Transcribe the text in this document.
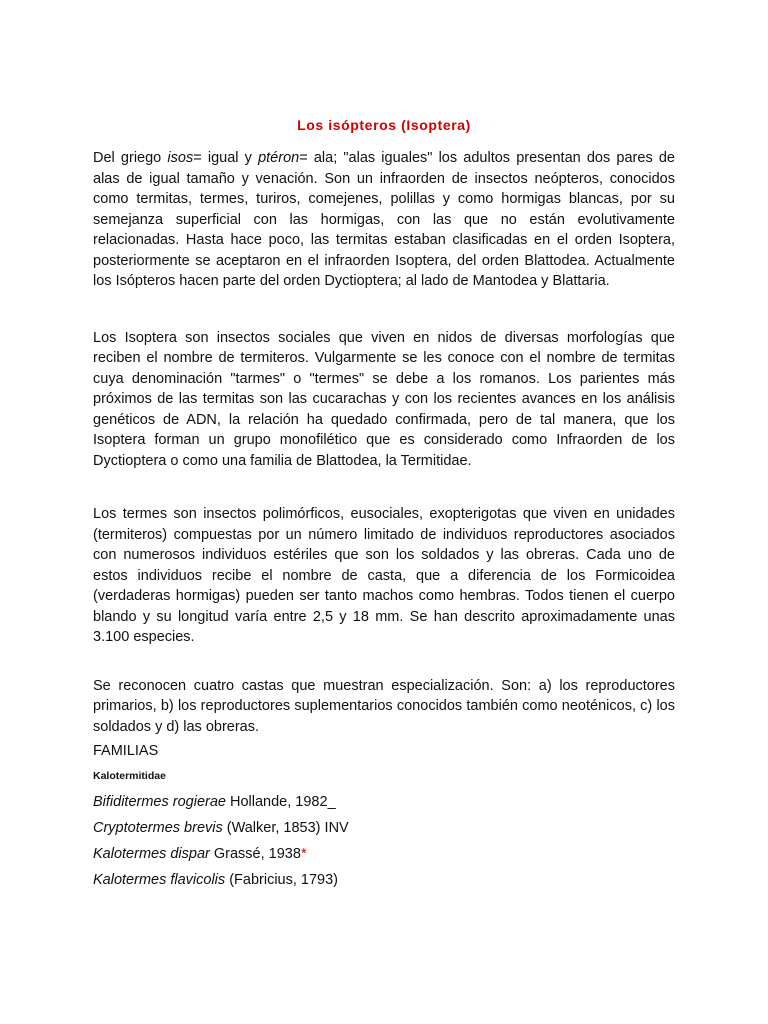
Los isópteros (Isoptera)

Del griego isos= igual y ptéron= ala; "alas iguales" los adultos presentan dos pares de alas de igual tamaño y venación. Son un infraorden de insectos neópteros, conocidos como termitas, termes, turiros, comejenes, polillas y como hormigas blancas, por su semejanza superficial con las hormigas, con las que no están evolutivamente relacionadas. Hasta hace poco, las termitas estaban clasificadas en el orden Isoptera, posteriormente se aceptaron en el infraorden Isoptera, del orden Blattodea. Actualmente los Isópteros hacen parte del orden Dyctioptera; al lado de Mantodea y Blattaria.

Los Isoptera son insectos sociales que viven en nidos de diversas morfologías que reciben el nombre de termiteros. Vulgarmente se les conoce con el nombre de termitas cuya denominación "tarmes" o "termes" se debe a los romanos. Los parientes más próximos de las termitas son las cucarachas y con los recientes avances en los análisis genéticos de ADN, la relación ha quedado confirmada, pero de tal manera, que los Isoptera forman un grupo monofilético que es considerado como Infraorden de los Dyctioptera o como una familia de Blattodea, la Termitidae.

Los termes son insectos polimórficos, eusociales, exopterigotas que viven en unidades (termiteros) compuestas por un número limitado de individuos reproductores asociados con numerosos individuos estériles que son los soldados y las obreras. Cada uno de estos individuos recibe el nombre de casta, que a diferencia de los Formicoidea (verdaderas hormigas) pueden ser tanto machos como hembras. Todos tienen el cuerpo blando y su longitud varía entre 2,5 y 18 mm. Se han descrito aproximadamente unas 3.100 especies.

Se reconocen cuatro castas que muestran especialización. Son: a) los reproductores primarios, b) los reproductores suplementarios conocidos también como neoténicos, c) los soldados y d) las obreras.

FAMILIAS
Kalotermitidae
Bifiditermes rogierae Hollande, 1982_
Cryptotermes brevis (Walker, 1853) INV
Kalotermes dispar Grassé, 1938*
Kalotermes flavicolis (Fabricius, 1793)
